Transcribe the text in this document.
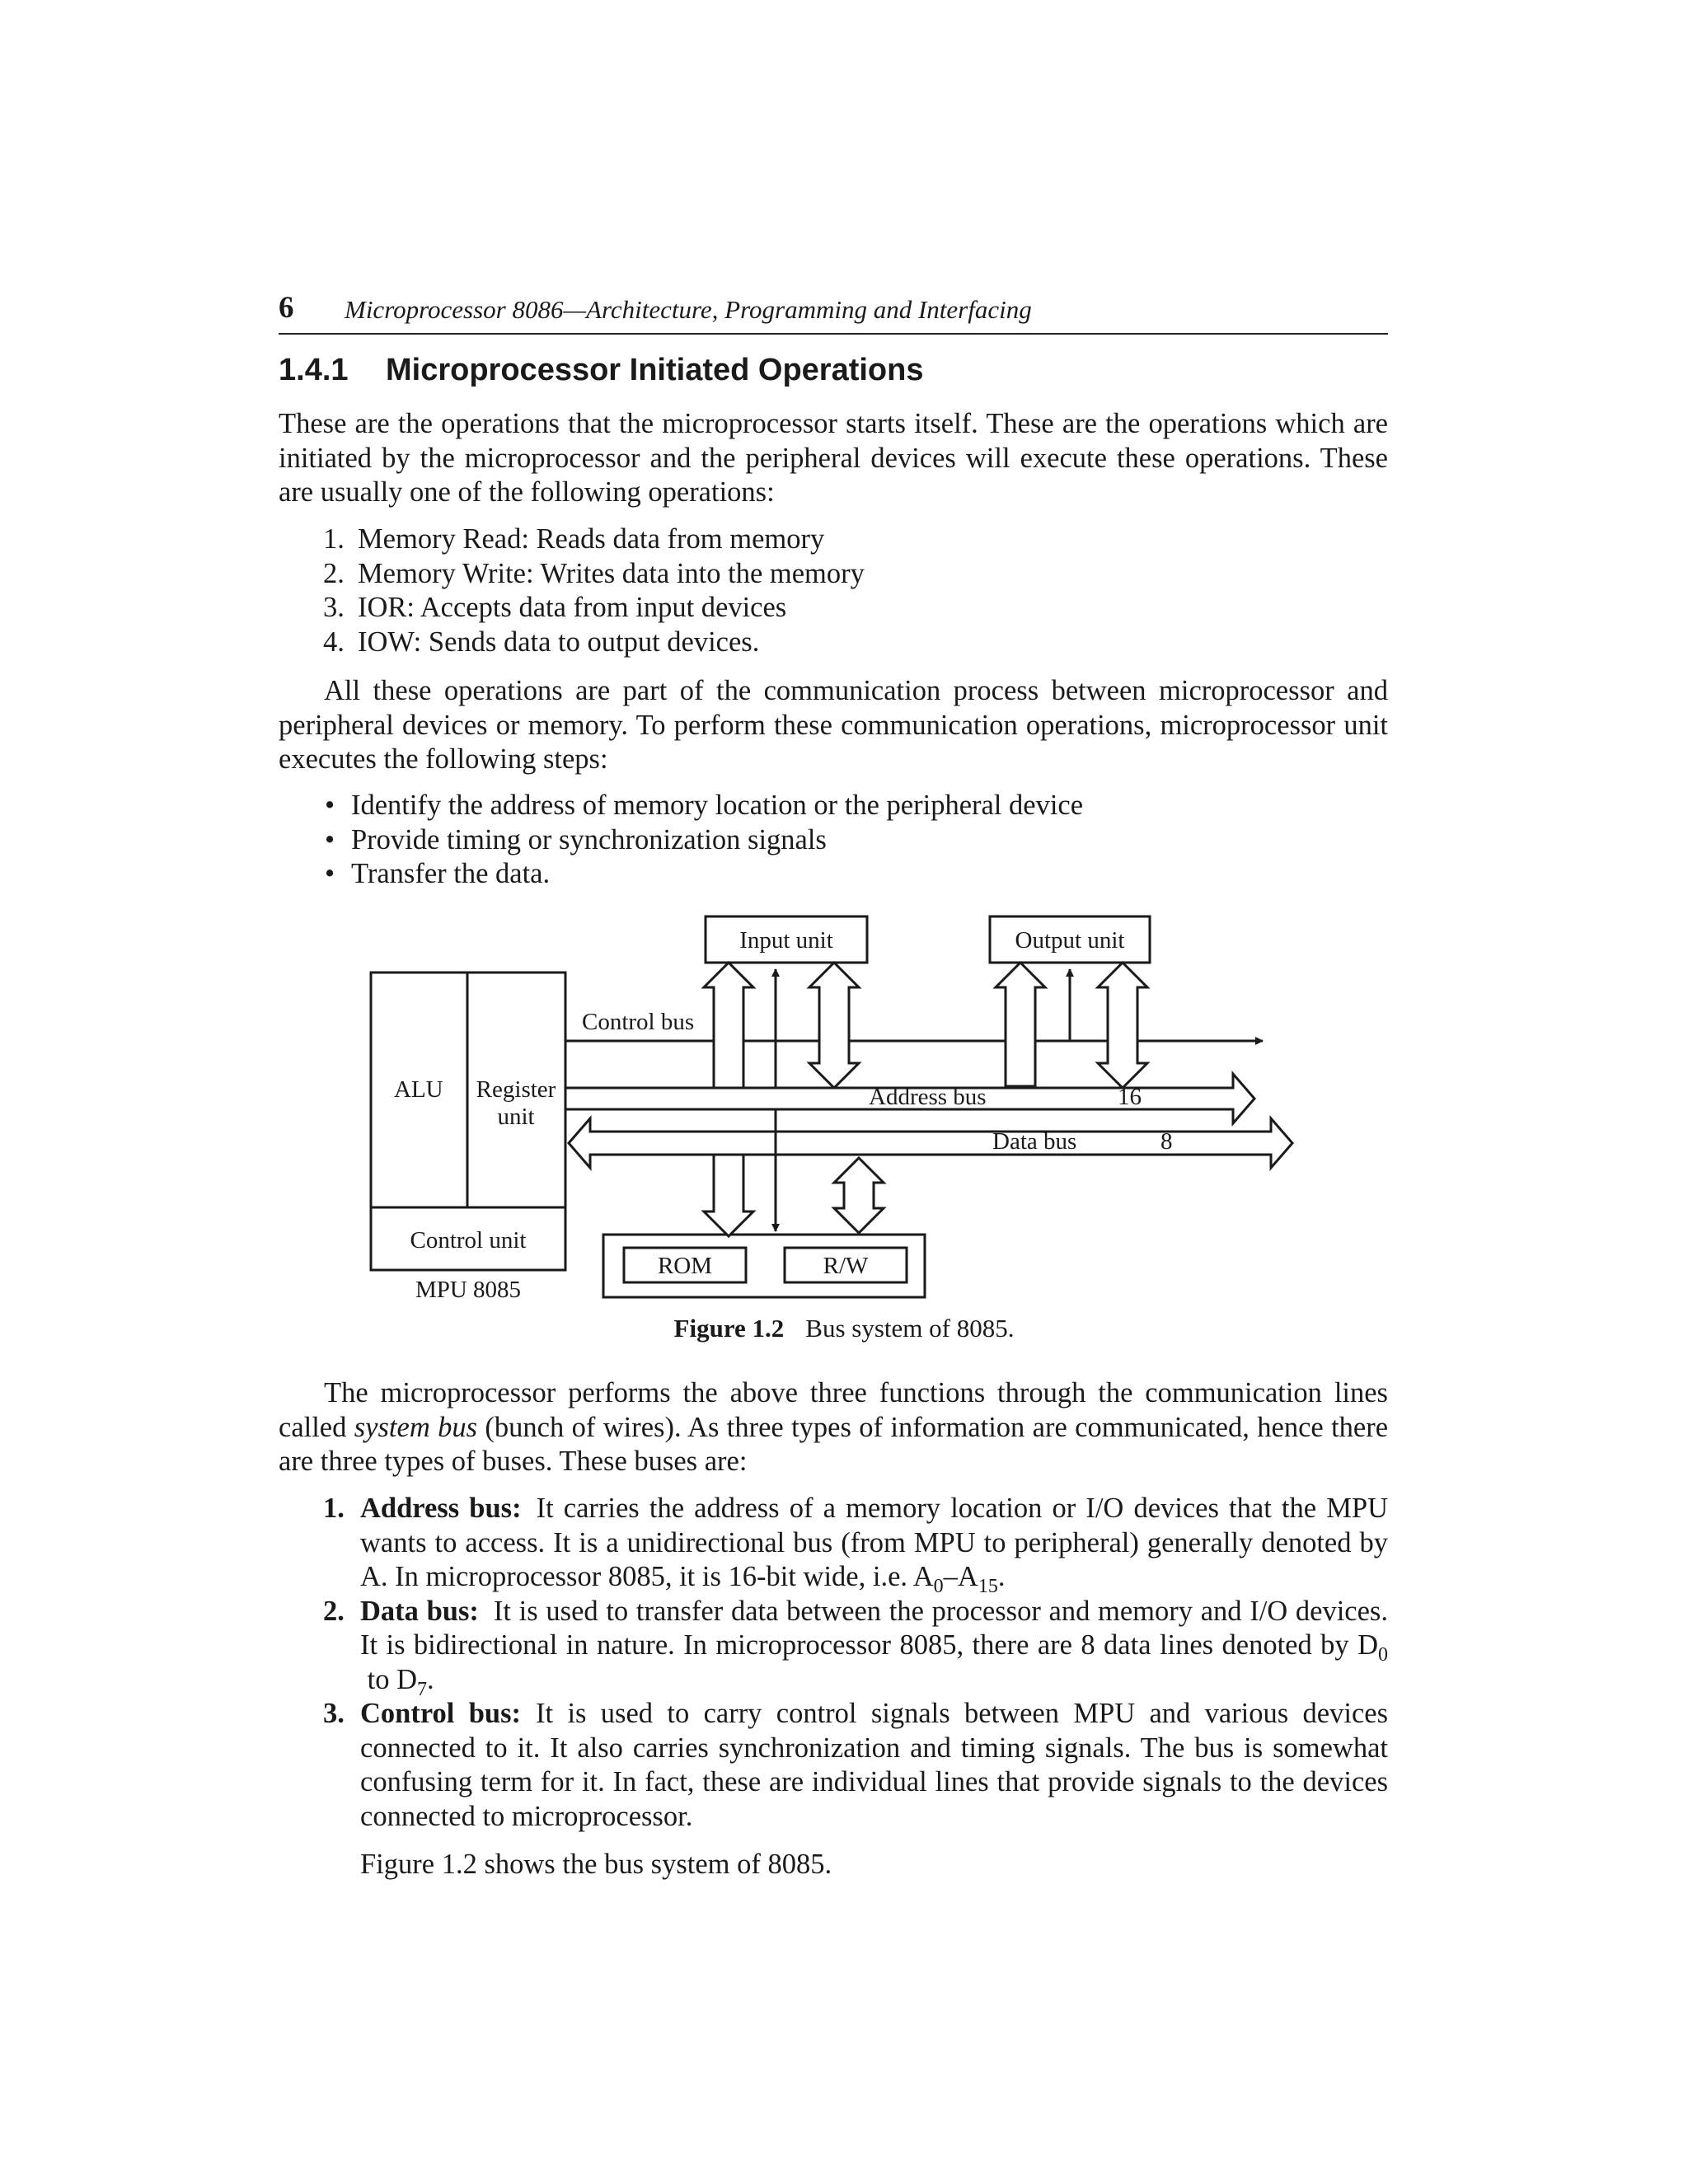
6 Microprocessor 8086—Architecture, Programming and Interfacing
1.4.1 Microprocessor Initiated Operations

These are the operations that the microprocessor starts itself. These are the operations which are initiated by the microprocessor and the peripheral devices will execute these operations. These are usually one of the following operations:

1. Memory Read: Reads data from memory
2. Memory Write: Writes data into the memory
3. IOR: Accepts data from input devices
4. IOW: Sends data to output devices.

All these operations are part of the communication process between microprocessor and peripheral devices or memory. To perform these communication operations, microprocessor unit executes the following steps:

• Identify the address of memory location or the peripheral device
• Provide timing or synchronization signals
• Transfer the data.
Input unit	Output unit
Control bus
ALU Register
unit
Address bus	16
Data bus	8
Control unit
MPU 8085
ROM	R/W
Figure 1.2 Bus system of 8085.

The microprocessor performs the above three functions through the communication lines called system bus (bunch of wires). As three types of information are communicated, hence there are three types of buses. These buses are:

1. Address bus: It carries the address of a memory location or I/O devices that the MPU wants to access. It is a unidirectional bus (from MPU to peripheral) generally denoted by A. In microprocessor 8085, it is 16-bit wide, i.e. $A_0-A_{15}$.
2. Data bus: It is used to transfer data between the processor and memory and I/O devices. It is bidirectional in nature. In microprocessor 8085, there are 8 data lines denoted by $D_0$ to $D_7$.
3. Control bus: It is used to carry control signals between MPU and various devices connected to it. It also carries synchronization and timing signals. The bus is somewhat confusing term for it. In fact, these are individual lines that provide signals to the devices connected to microprocessor.
Figure 1.2 shows the bus system of 8085.
